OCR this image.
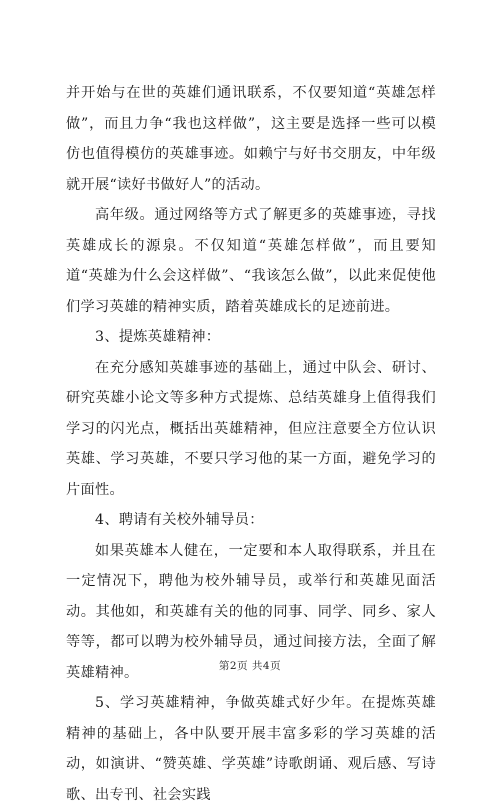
并开始与在世的英雄们通讯联系，不仅要知道“英雄怎样做”，而且力争“我也这样做”，这主要是选择一些可以模仿也值得模仿的英雄事迹。如赖宁与好书交朋友，中年级就开展“读好书做好人”的活动。

高年级。通过网络等方式了解更多的英雄事迹，寻找英雄成长的源泉。不仅知道“英雄怎样做”，而且要知道“英雄为什么会这样做”、“我该怎么做”，以此来促使他们学习英雄的精神实质，踏着英雄成长的足迹前进。

3、提炼英雄精神：

在充分感知英雄事迹的基础上，通过中队会、研讨、研究英雄小论文等多种方式提炼、总结英雄身上值得我们学习的闪光点，概括出英雄精神，但应注意要全方位认识英雄、学习英雄，不要只学习他的某一方面，避免学习的片面性。

4、聘请有关校外辅导员：

如果英雄本人健在，一定要和本人取得联系，并且在一定情况下，聘他为校外辅导员，或举行和英雄见面活动。其他如，和英雄有关的他的同事、同学、同乡、家人等等，都可以聘为校外辅导员，通过间接方法，全面了解英雄精神。

5、学习英雄精神，争做英雄式好少年。在提炼英雄精神的基础上，各中队要开展丰富多彩的学习英雄的活动，如演讲、“赞英雄、学英雄”诗歌朗诵、观后感、写诗歌、出专刊、社会实践

第2页 共4页
